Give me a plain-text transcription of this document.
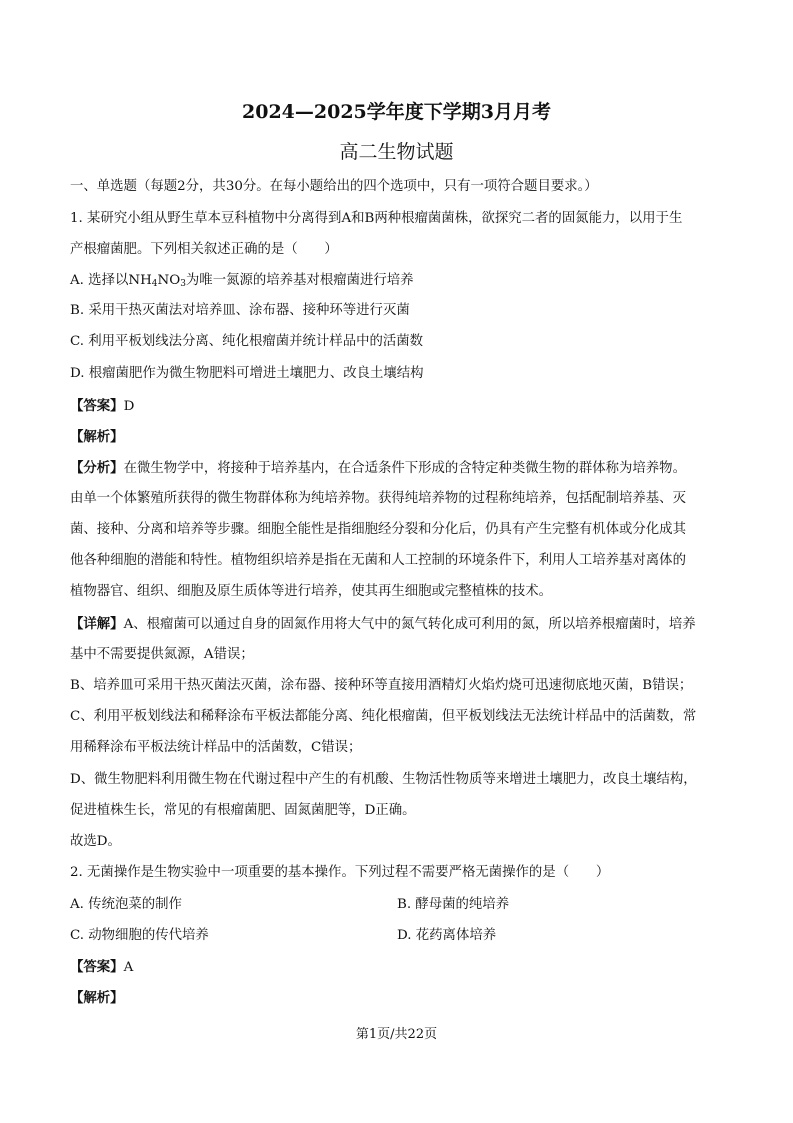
2024—2025学年度下学期3月月考
高二生物试题
一、单选题（每题2分，共30分。在每小题给出的四个选项中，只有一项符合题目要求。）
1. 某研究小组从野生草本豆科植物中分离得到A和B两种根瘤菌菌株，欲探究二者的固氮能力，以用于生
产根瘤菌肥。下列相关叙述正确的是（　　）
A. 选择以$NH_4NO_3$为唯一氮源的培养基对根瘤菌进行培养
B. 采用干热灭菌法对培养皿、涂布器、接种环等进行灭菌
C. 利用平板划线法分离、纯化根瘤菌并统计样品中的活菌数
D. 根瘤菌肥作为微生物肥料可增进土壤肥力、改良土壤结构
【答案】D
【解析】
【分析】在微生物学中，将接种于培养基内，在合适条件下形成的含特定种类微生物的群体称为培养物。
由单一个体繁殖所获得的微生物群体称为纯培养物。获得纯培养物的过程称纯培养，包括配制培养基、灭
菌、接种、分离和培养等步骤。细胞全能性是指细胞经分裂和分化后，仍具有产生完整有机体或分化成其
他各种细胞的潜能和特性。植物组织培养是指在无菌和人工控制的环境条件下，利用人工培养基对离体的
植物器官、组织、细胞及原生质体等进行培养，使其再生细胞或完整植株的技术。
【详解】A、根瘤菌可以通过自身的固氮作用将大气中的氮气转化成可利用的氮，所以培养根瘤菌时，培养
基中不需要提供氮源，A错误；
B、培养皿可采用干热灭菌法灭菌，涂布器、接种环等直接用酒精灯火焰灼烧可迅速彻底地灭菌，B错误；
C、利用平板划线法和稀释涂布平板法都能分离、纯化根瘤菌，但平板划线法无法统计样品中的活菌数，常
用稀释涂布平板法统计样品中的活菌数，C错误；
D、微生物肥料利用微生物在代谢过程中产生的有机酸、生物活性物质等来增进土壤肥力，改良土壤结构，
促进植株生长，常见的有根瘤菌肥、固氮菌肥等，D正确。
故选D。
2. 无菌操作是生物实验中一项重要的基本操作。下列过程不需要严格无菌操作的是（　　）
A. 传统泡菜的制作	B. 酵母菌的纯培养
C. 动物细胞的传代培养	D. 花药离体培养
【答案】A
【解析】
第1页/共22页
